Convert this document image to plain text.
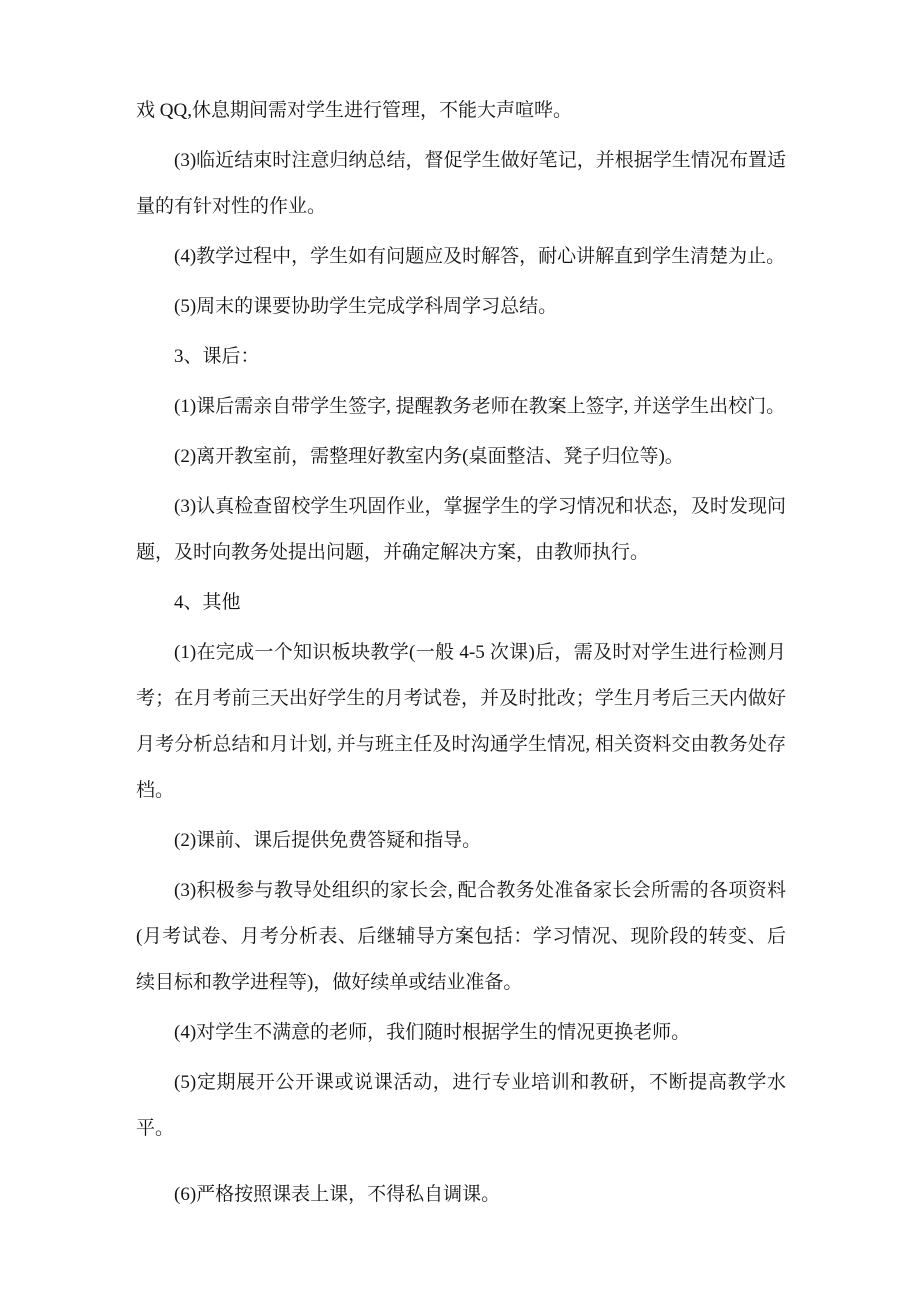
戏 QQ,休息期间需对学生进行管理，不能大声喧哗。

(3)临近结束时注意归纳总结，督促学生做好笔记，并根据学生情况布置适量的有针对性的作业。

(4)教学过程中，学生如有问题应及时解答，耐心讲解直到学生清楚为止。

(5)周末的课要协助学生完成学科周学习总结。

3、课后：

(1)课后需亲自带学生签字, 提醒教务老师在教案上签字, 并送学生出校门。

(2)离开教室前，需整理好教室内务(桌面整洁、凳子归位等)。

(3)认真检查留校学生巩固作业，掌握学生的学习情况和状态，及时发现问题，及时向教务处提出问题，并确定解决方案，由教师执行。

4、其他

(1)在完成一个知识板块教学(一般 4-5 次课)后，需及时对学生进行检测月考；在月考前三天出好学生的月考试卷，并及时批改；学生月考后三天内做好月考分析总结和月计划, 并与班主任及时沟通学生情况, 相关资料交由教务处存档。

(2)课前、课后提供免费答疑和指导。

(3)积极参与教导处组织的家长会, 配合教务处准备家长会所需的各项资料(月考试卷、月考分析表、后继辅导方案包括：学习情况、现阶段的转变、后续目标和教学进程等)，做好续单或结业准备。

(4)对学生不满意的老师，我们随时根据学生的情况更换老师。

(5)定期展开公开课或说课活动，进行专业培训和教研，不断提高教学水平。

(6)严格按照课表上课，不得私自调课。
